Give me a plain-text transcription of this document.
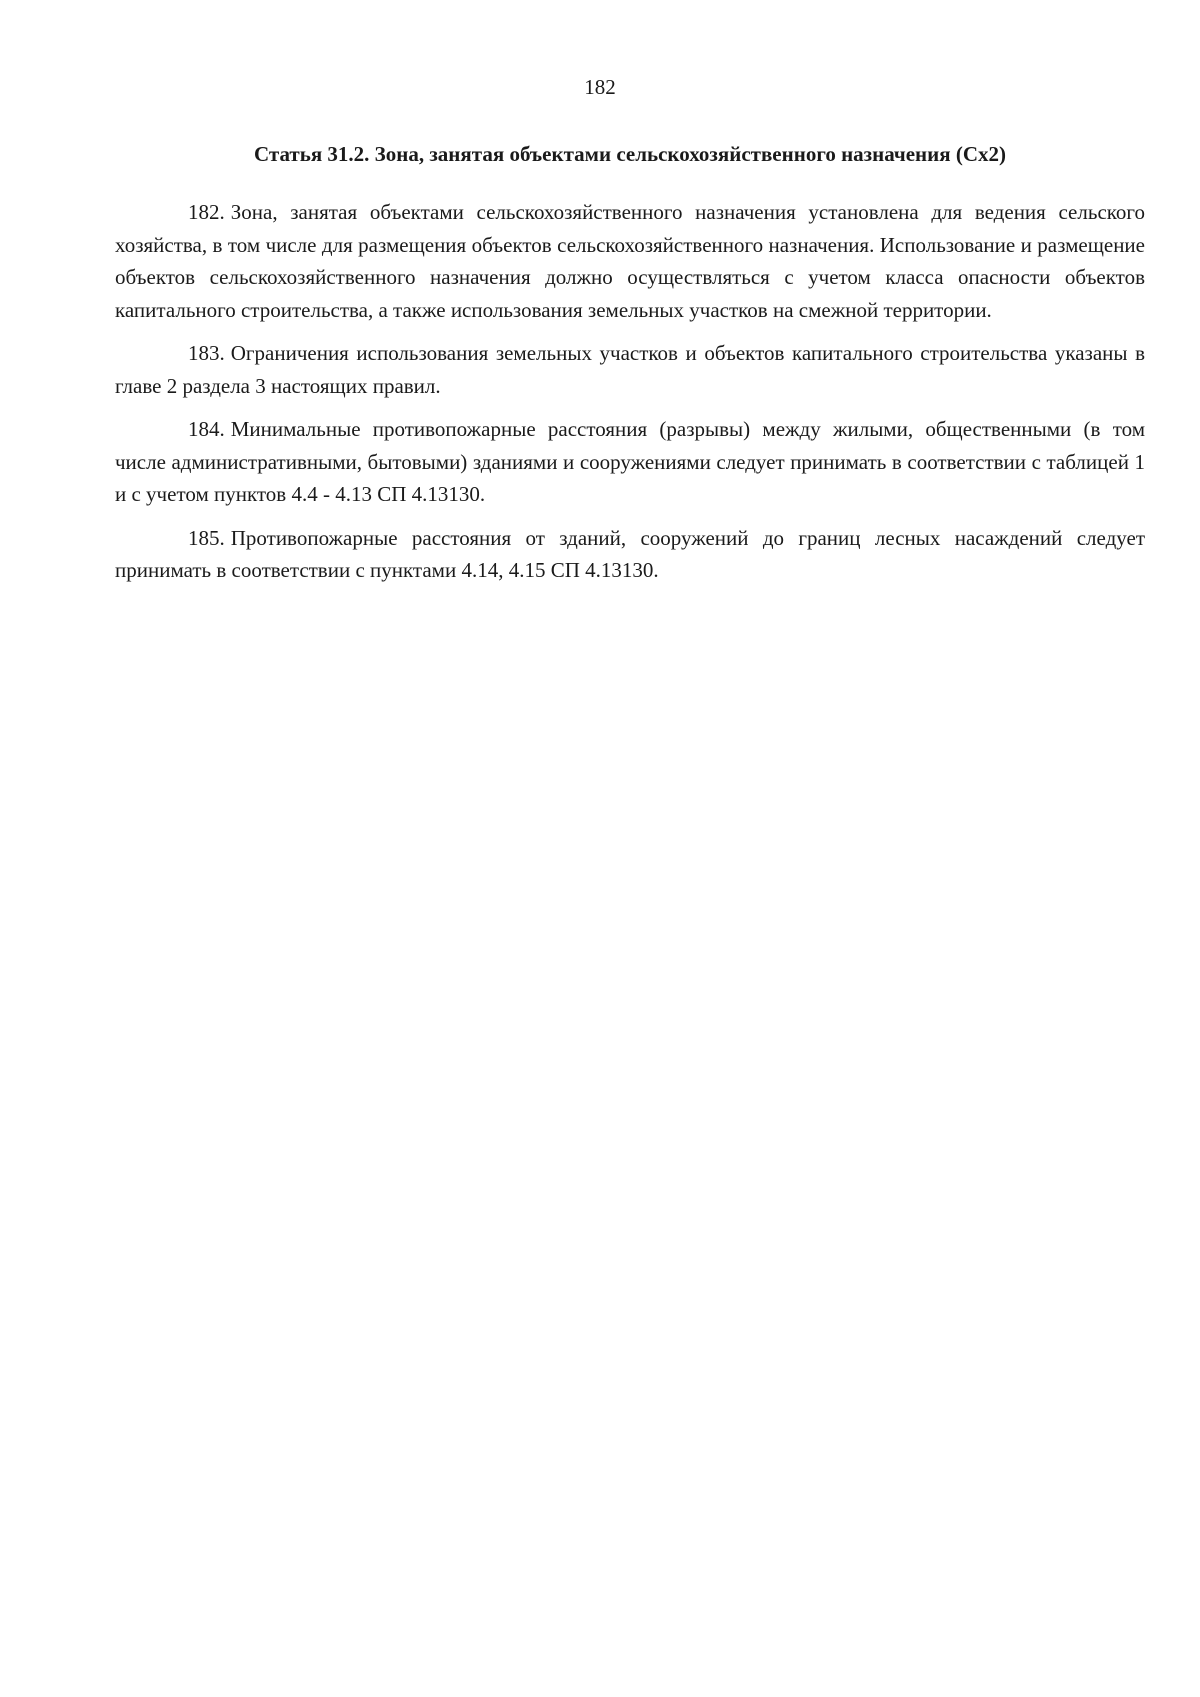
182
Статья 31.2. Зона, занятая объектами сельскохозяйственного назначения (Сх2)

182. Зона, занятая объектами сельскохозяйственного назначения установлена для ведения сельского хозяйства, в том числе для размещения объектов сельскохозяйственного назначения. Использование и размещение объектов сельскохозяйственного назначения должно осуществляться с учетом класса опасности объектов капитального строительства, а также использования земельных участков на смежной территории.

183. Ограничения использования земельных участков и объектов капитального строительства указаны в главе 2 раздела 3 настоящих правил.

184. Минимальные противопожарные расстояния (разрывы) между жилыми, общественными (в том числе административными, бытовыми) зданиями и сооружениями следует принимать в соответствии с таблицей 1 и с учетом пунктов 4.4 - 4.13 СП 4.13130.

185. Противопожарные расстояния от зданий, сооружений до границ лесных насаждений следует принимать в соответствии с пунктами 4.14, 4.15 СП 4.13130.
